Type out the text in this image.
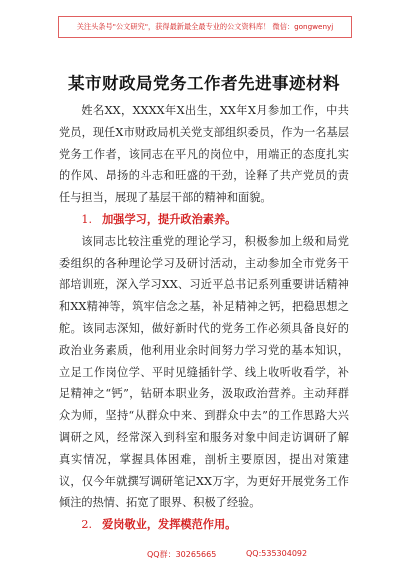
关注头条号"公文研究"，获得最新最全最专业的公文资料库！ 微信：gongwenyj
某市财政局党务工作者先进事迹材料

姓名XX，XXXX年X出生，XX年X月参加工作，中共党员，现任X市财政局机关党支部组织委员，作为一名基层党务工作者，该同志在平凡的岗位中，用端正的态度扎实的作风、昂扬的斗志和旺盛的干劲，诠释了共产党员的责任与担当，展现了基层干部的精神和面貌。

1. 加强学习，提升政治素养。

该同志比较注重党的理论学习，积极参加上级和局党委组织的各种理论学习及研讨活动，主动参加全市党务干部培训班，深入学习XX、习近平总书记系列重要讲话精神和XX精神等，筑牢信念之基，补足精神之钙，把稳思想之舵。该同志深知，做好新时代的党务工作必须具备良好的政治业务素质，他利用业余时间努力学习党的基本知识，立足工作岗位学、平时见缝插针学、线上收听收看学，补足精神之“钙”，钻研本职业务，汲取政治营养。主动拜群众为师，坚持“从群众中来、到群众中去”的工作思路大兴调研之风，经常深入到科室和服务对象中间走访调研了解真实情况，掌握具体困难，剖析主要原因，提出对策建议，仅今年就撰写调研笔记XX万字，为更好开展党务工作倾注的热情、拓宽了眼界、积极了经验。

2. 爱岗敬业，发挥模范作用。

QQ群：30265665	QQ:535304092
